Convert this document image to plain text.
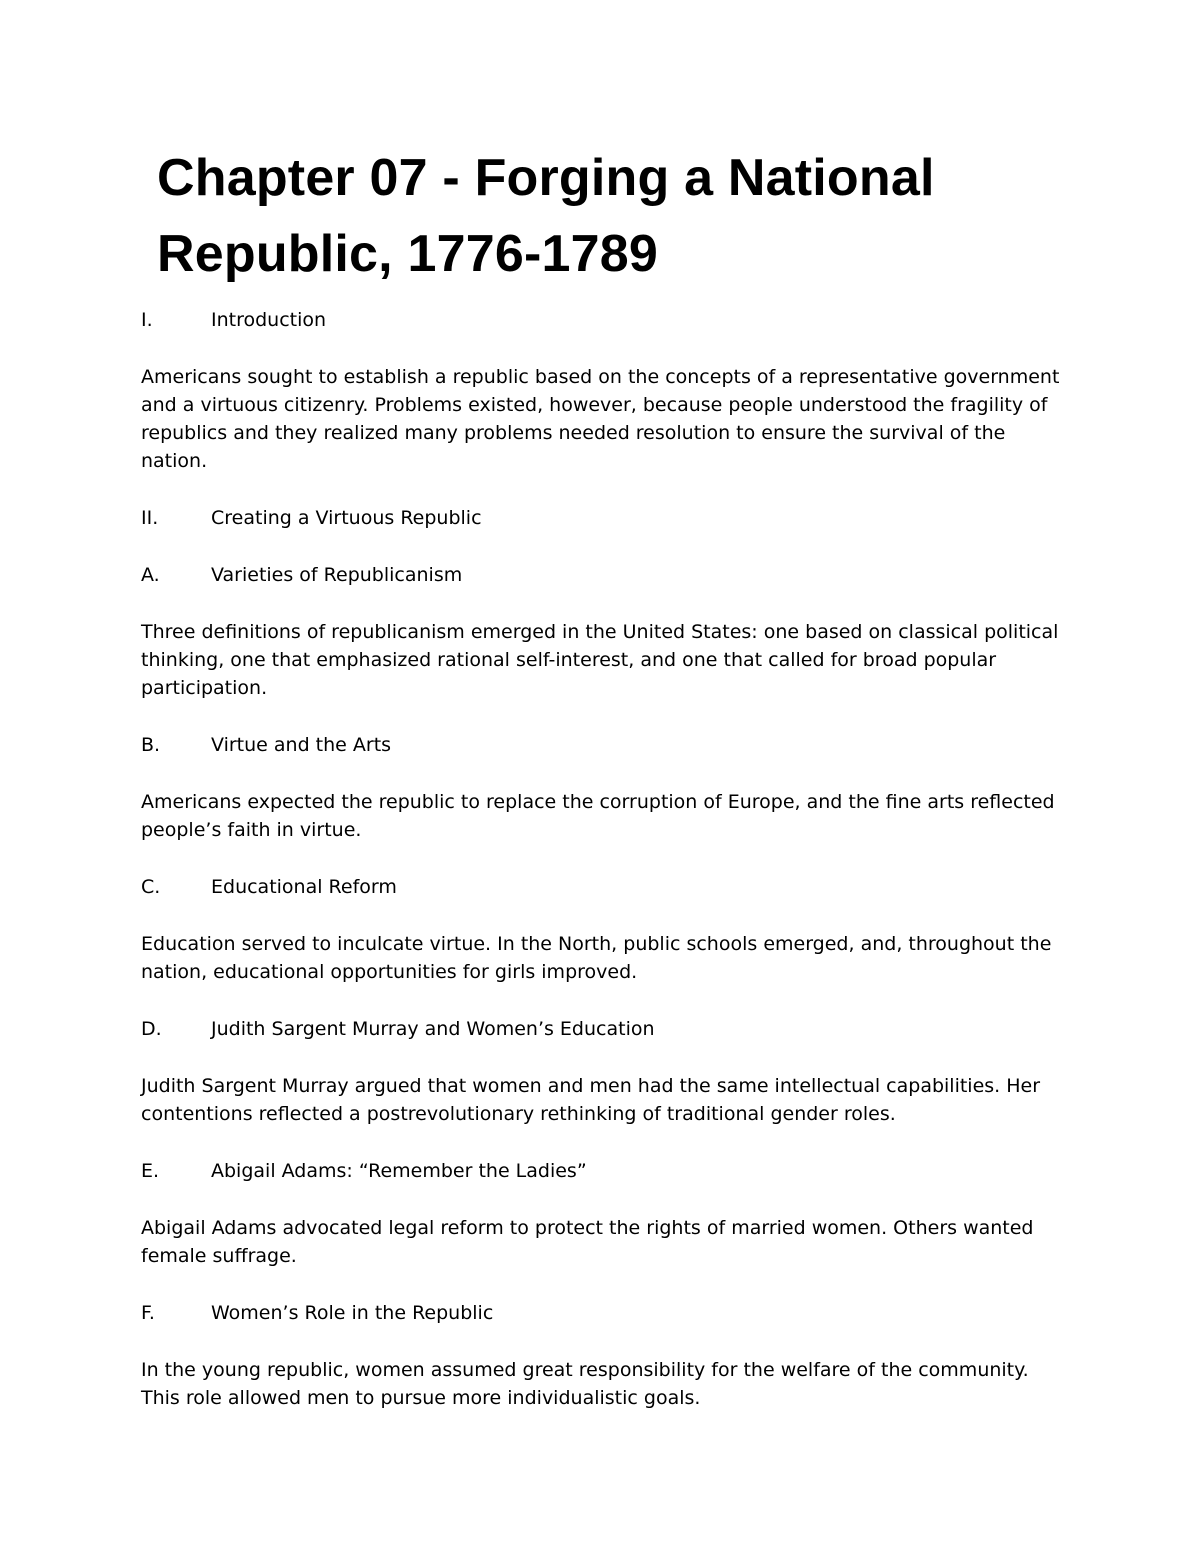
Chapter 07 - Forging a National Republic, 1776-1789
I.	Introduction

Americans sought to establish a republic based on the concepts of a representative government and a virtuous citizenry. Problems existed, however, because people understood the fragility of republics and they realized many problems needed resolution to ensure the survival of the nation.

II.	Creating a Virtuous Republic
A.	Varieties of Republicanism

Three definitions of republicanism emerged in the United States: one based on classical political thinking, one that emphasized rational self-interest, and one that called for broad popular participation.

B.	Virtue and the Arts

Americans expected the republic to replace the corruption of Europe, and the fine arts reflected people’s faith in virtue.

C.	Educational Reform

Education served to inculcate virtue. In the North, public schools emerged, and, throughout the nation, educational opportunities for girls improved.

D.	Judith Sargent Murray and Women’s Education

Judith Sargent Murray argued that women and men had the same intellectual capabilities. Her contentions reflected a postrevolutionary rethinking of traditional gender roles.

E.	Abigail Adams: “Remember the Ladies”

Abigail Adams advocated legal reform to protect the rights of married women. Others wanted female suffrage.

F.	Women’s Role in the Republic

In the young republic, women assumed great responsibility for the welfare of the community. This role allowed men to pursue more individualistic goals.
